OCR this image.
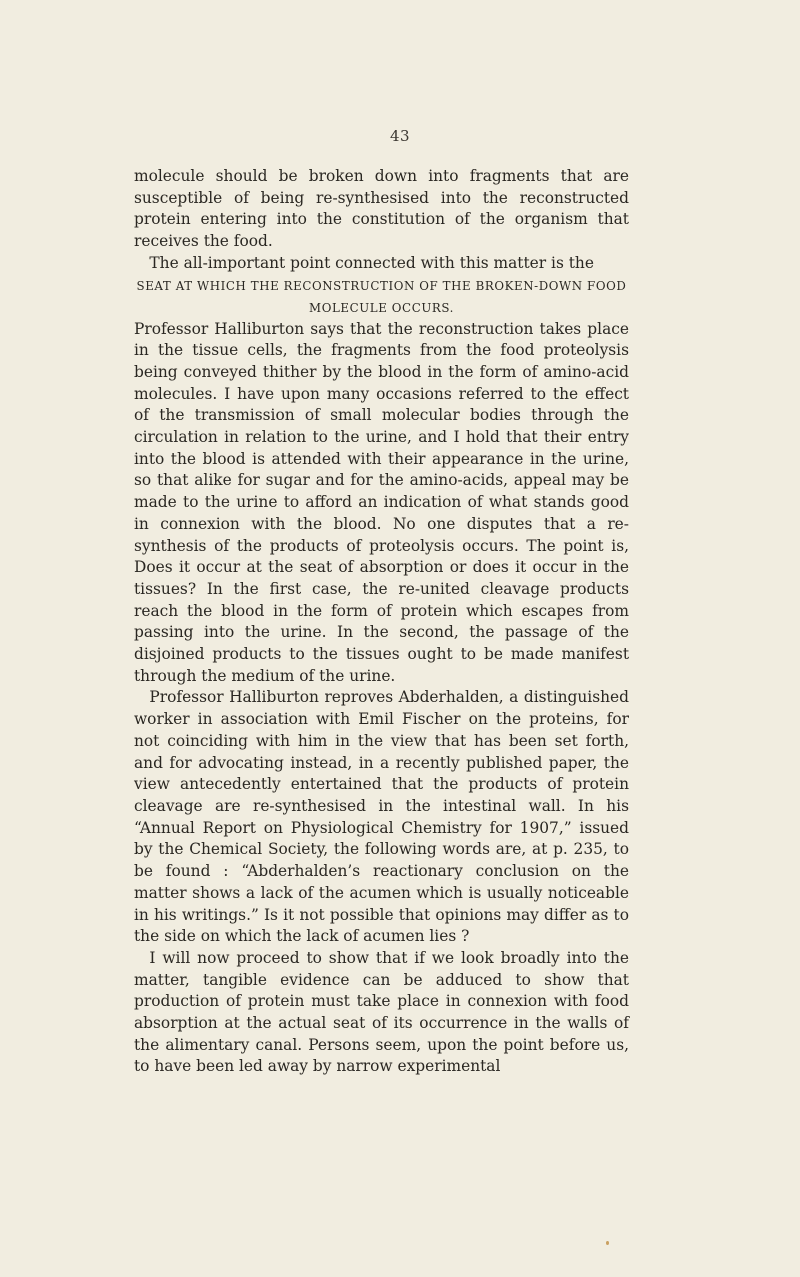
43

molecule should be broken down into fragments that are susceptible of being re-synthesised into the reconstructed protein entering into the constitution of the organism that receives the food.

The all-important point connected with this matter is the

SEAT AT WHICH THE RECONSTRUCTION OF THE BROKEN-DOWN FOOD MOLECULE OCCURS.

Professor Halliburton says that the reconstruction takes place in the tissue cells, the fragments from the food proteolysis being conveyed thither by the blood in the form of amino-acid molecules. I have upon many occasions referred to the effect of the transmission of small molecular bodies through the circulation in relation to the urine, and I hold that their entry into the blood is attended with their appearance in the urine, so that alike for sugar and for the amino-acids, appeal may be made to the urine to afford an indication of what stands good in connexion with the blood. No one disputes that a re-synthesis of the products of proteolysis occurs. The point is, Does it occur at the seat of absorption or does it occur in the tissues? In the first case, the re-united cleavage products reach the blood in the form of protein which escapes from passing into the urine. In the second, the passage of the disjoined products to the tissues ought to be made manifest through the medium of the urine.

Professor Halliburton reproves Abderhalden, a distinguished worker in association with Emil Fischer on the proteins, for not coinciding with him in the view that has been set forth, and for advocating instead, in a recently published paper, the view antecedently entertained that the products of protein cleavage are re-synthesised in the intestinal wall. In his “Annual Report on Physiological Chemistry for 1907,” issued by the Chemical Society, the following words are, at p. 235, to be found : “Abderhalden’s reactionary conclusion on the matter shows a lack of the acumen which is usually noticeable in his writings.” Is it not possible that opinions may differ as to the side on which the lack of acumen lies ?

I will now proceed to show that if we look broadly into the matter, tangible evidence can be adduced to show that production of protein must take place in connexion with food absorption at the actual seat of its occurrence in the walls of the alimentary canal. Persons seem, upon the point before us, to have been led away by narrow experimental
